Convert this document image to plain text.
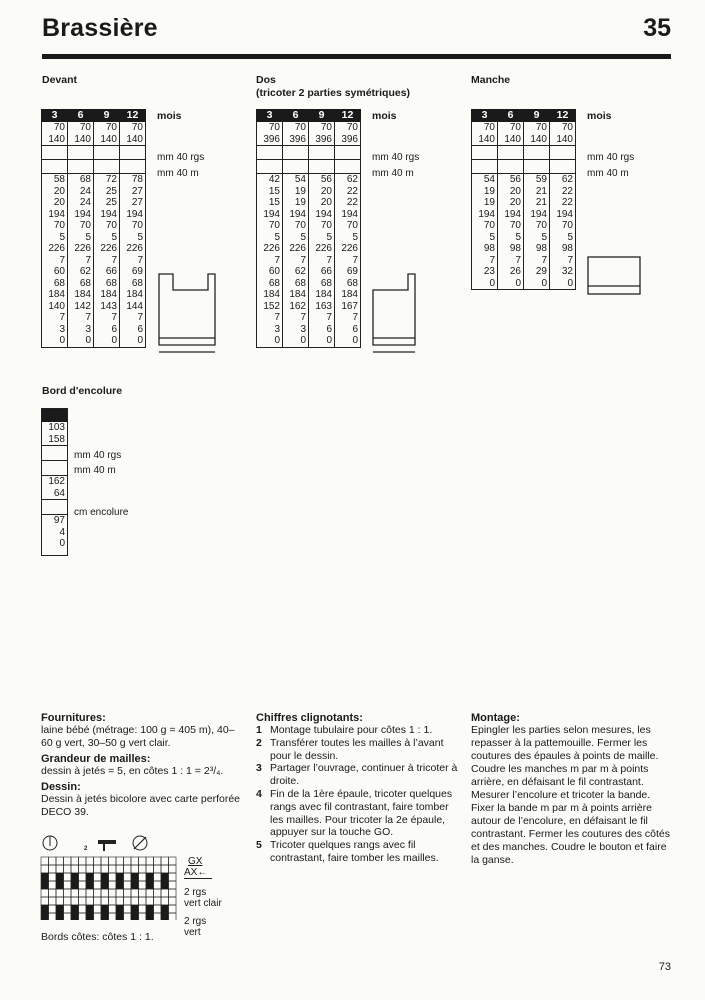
Brassière	35
Devant	Dos
(tricoter 2 parties symétriques)
Manche
3	6	9	12
70	70	70	70
140	140	140	140

58	68	72	78
20	24	25	27
20	24	25	27
194	194	194	194
70	70	70	70
5	5	5	5
226	226	226	226
7	7	7	7
60	62	66	69
68	68	68	68
184	184	184	184
140	142	143	144
7	7	7	7
3	3	6	6
0	0	0	0
3	6	9	12
70	70	70	70
396	396	396	396

42	54	56	62
15	19	20	22
15	19	20	22
194	194	194	194
70	70	70	70
5	5	5	5
226	226	226	226
7	7	7	7
60	62	66	69
68	68	68	68
184	184	184	184
152	162	163	167
7	7	7	7
3	3	6	6
0	0	0	0
3	6	9	12
70	70	70	70
140	140	140	140

54	56	59	62
19	20	21	22
19	20	21	22
194	194	194	194
70	70	70	70
5	5	5	5
98	98	98	98
7	7	7	7
23	26	29	32
0	0	0	0
mois	mois	mois
mm 40 rgs
mm 40 m
mm 40 rgs
mm 40 m
mm 40 rgs
mm 40 m
Bord d'encolure
103
158
162
64
97
4
0
mm 40 rgs
mm 40 m
cm encolure
Fournitures:
laine bébé (métrage: 100 g = 405 m), 40–60 g vert, 30–50 g vert clair.
Grandeur de mailles:
dessin à jetés = 5, en côtes 1 : 1 = 2³/₄.
Dessin:
Dessin à jetés bicolore avec carte perforée DECO 39.
2
GX
AX←
2 rgs
vert clair
2 rgs
vert
Bords côtes: côtes 1 : 1.
Chiffres clignotants:
1 Montage tubulaire pour côtes 1 : 1.
2 Transférer toutes les mailles à l’avant pour le dessin.
3 Partager l’ouvrage, continuer à tricoter à droite.
4 Fin de la 1ère épaule, tricoter quelques rangs avec fil contrastant, faire tomber les mailles. Pour tricoter la 2e épaule, appuyer sur la touche GO.
5 Tricoter quelques rangs avec fil contrastant, faire tomber les mailles.
Montage:
Epingler les parties selon mesures, les repasser à la pattemouille. Fermer les coutures des épaules à points de maille. Coudre les manches m par m à points arrière, en défaisant le fil contrastant. Mesurer l’encolure et tricoter la bande. Fixer la bande m par m à points arrière autour de l’encolure, en défaisant le fil contrastant. Fermer les coutures des côtés et des manches. Coudre le bouton et faire la ganse.
73
